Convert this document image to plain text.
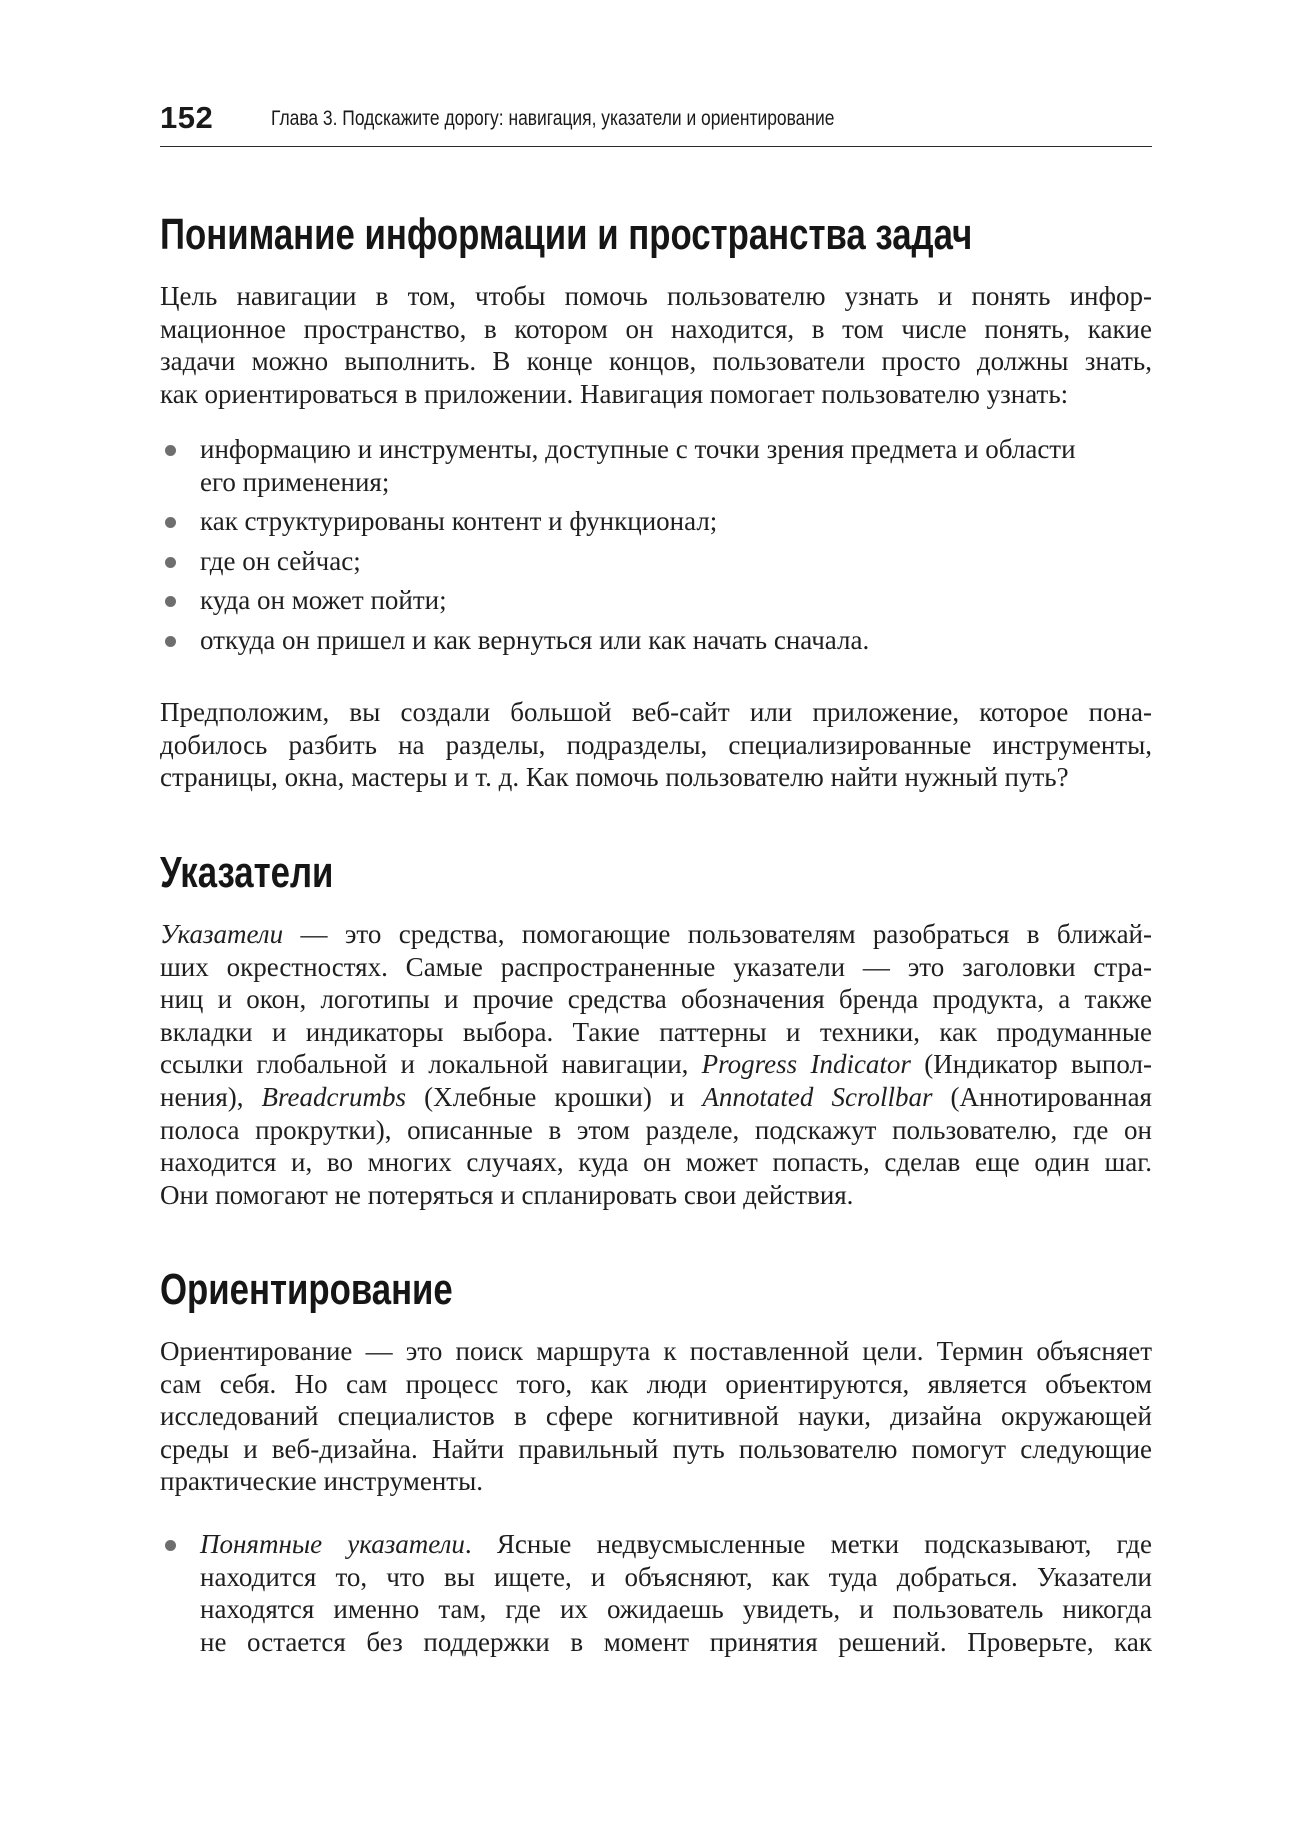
152	Глава 3. Подскажите дорогу: навигация, указатели и ориентирование
Понимание информации и пространства задач
Цель навигации в том, чтобы помочь пользователю узнать и понять инфор-
мационное пространство, в котором он находится, в том числе понять, какие
задачи можно выполнить. В конце концов, пользователи просто должны знать,
как ориентироваться в приложении. Навигация помогает пользователю узнать:
информацию и инструменты, доступные с точки зрения предмета и области
его применения;
как структурированы контент и функционал;
где он сейчас;
куда он может пойти;
откуда он пришел и как вернуться или как начать сначала.
Предположим, вы создали большой веб-сайт или приложение, которое пона-
добилось разбить на разделы, подразделы, специализированные инструменты,
страницы, окна, мастеры и т. д. Как помочь пользователю найти нужный путь?
Указатели
Указатели — это средства, помогающие пользователям разобраться в ближай-
ших окрестностях. Самые распространенные указатели — это заголовки стра-
ниц и окон, логотипы и прочие средства обозначения бренда продукта, а также
вкладки и индикаторы выбора. Такие паттерны и техники, как продуманные
ссылки глобальной и локальной навигации, Progress Indicator (Индикатор выпол-
нения), Breadcrumbs (Хлебные крошки) и Annotated Scrollbar (Аннотированная
полоса прокрутки), описанные в этом разделе, подскажут пользователю, где он
находится и, во многих случаях, куда он может попасть, сделав еще один шаг.
Они помогают не потеряться и спланировать свои действия.
Ориентирование
Ориентирование — это поиск маршрута к поставленной цели. Термин объясняет
сам себя. Но сам процесс того, как люди ориентируются, является объектом
исследований специалистов в сфере когнитивной науки, дизайна окружающей
среды и веб-дизайна. Найти правильный путь пользователю помогут следующие
практические инструменты.
Понятные указатели. Ясные недвусмысленные метки подсказывают, где
находится то, что вы ищете, и объясняют, как туда добраться. Указатели
находятся именно там, где их ожидаешь увидеть, и пользователь никогда
не остается без поддержки в момент принятия решений. Проверьте, как
